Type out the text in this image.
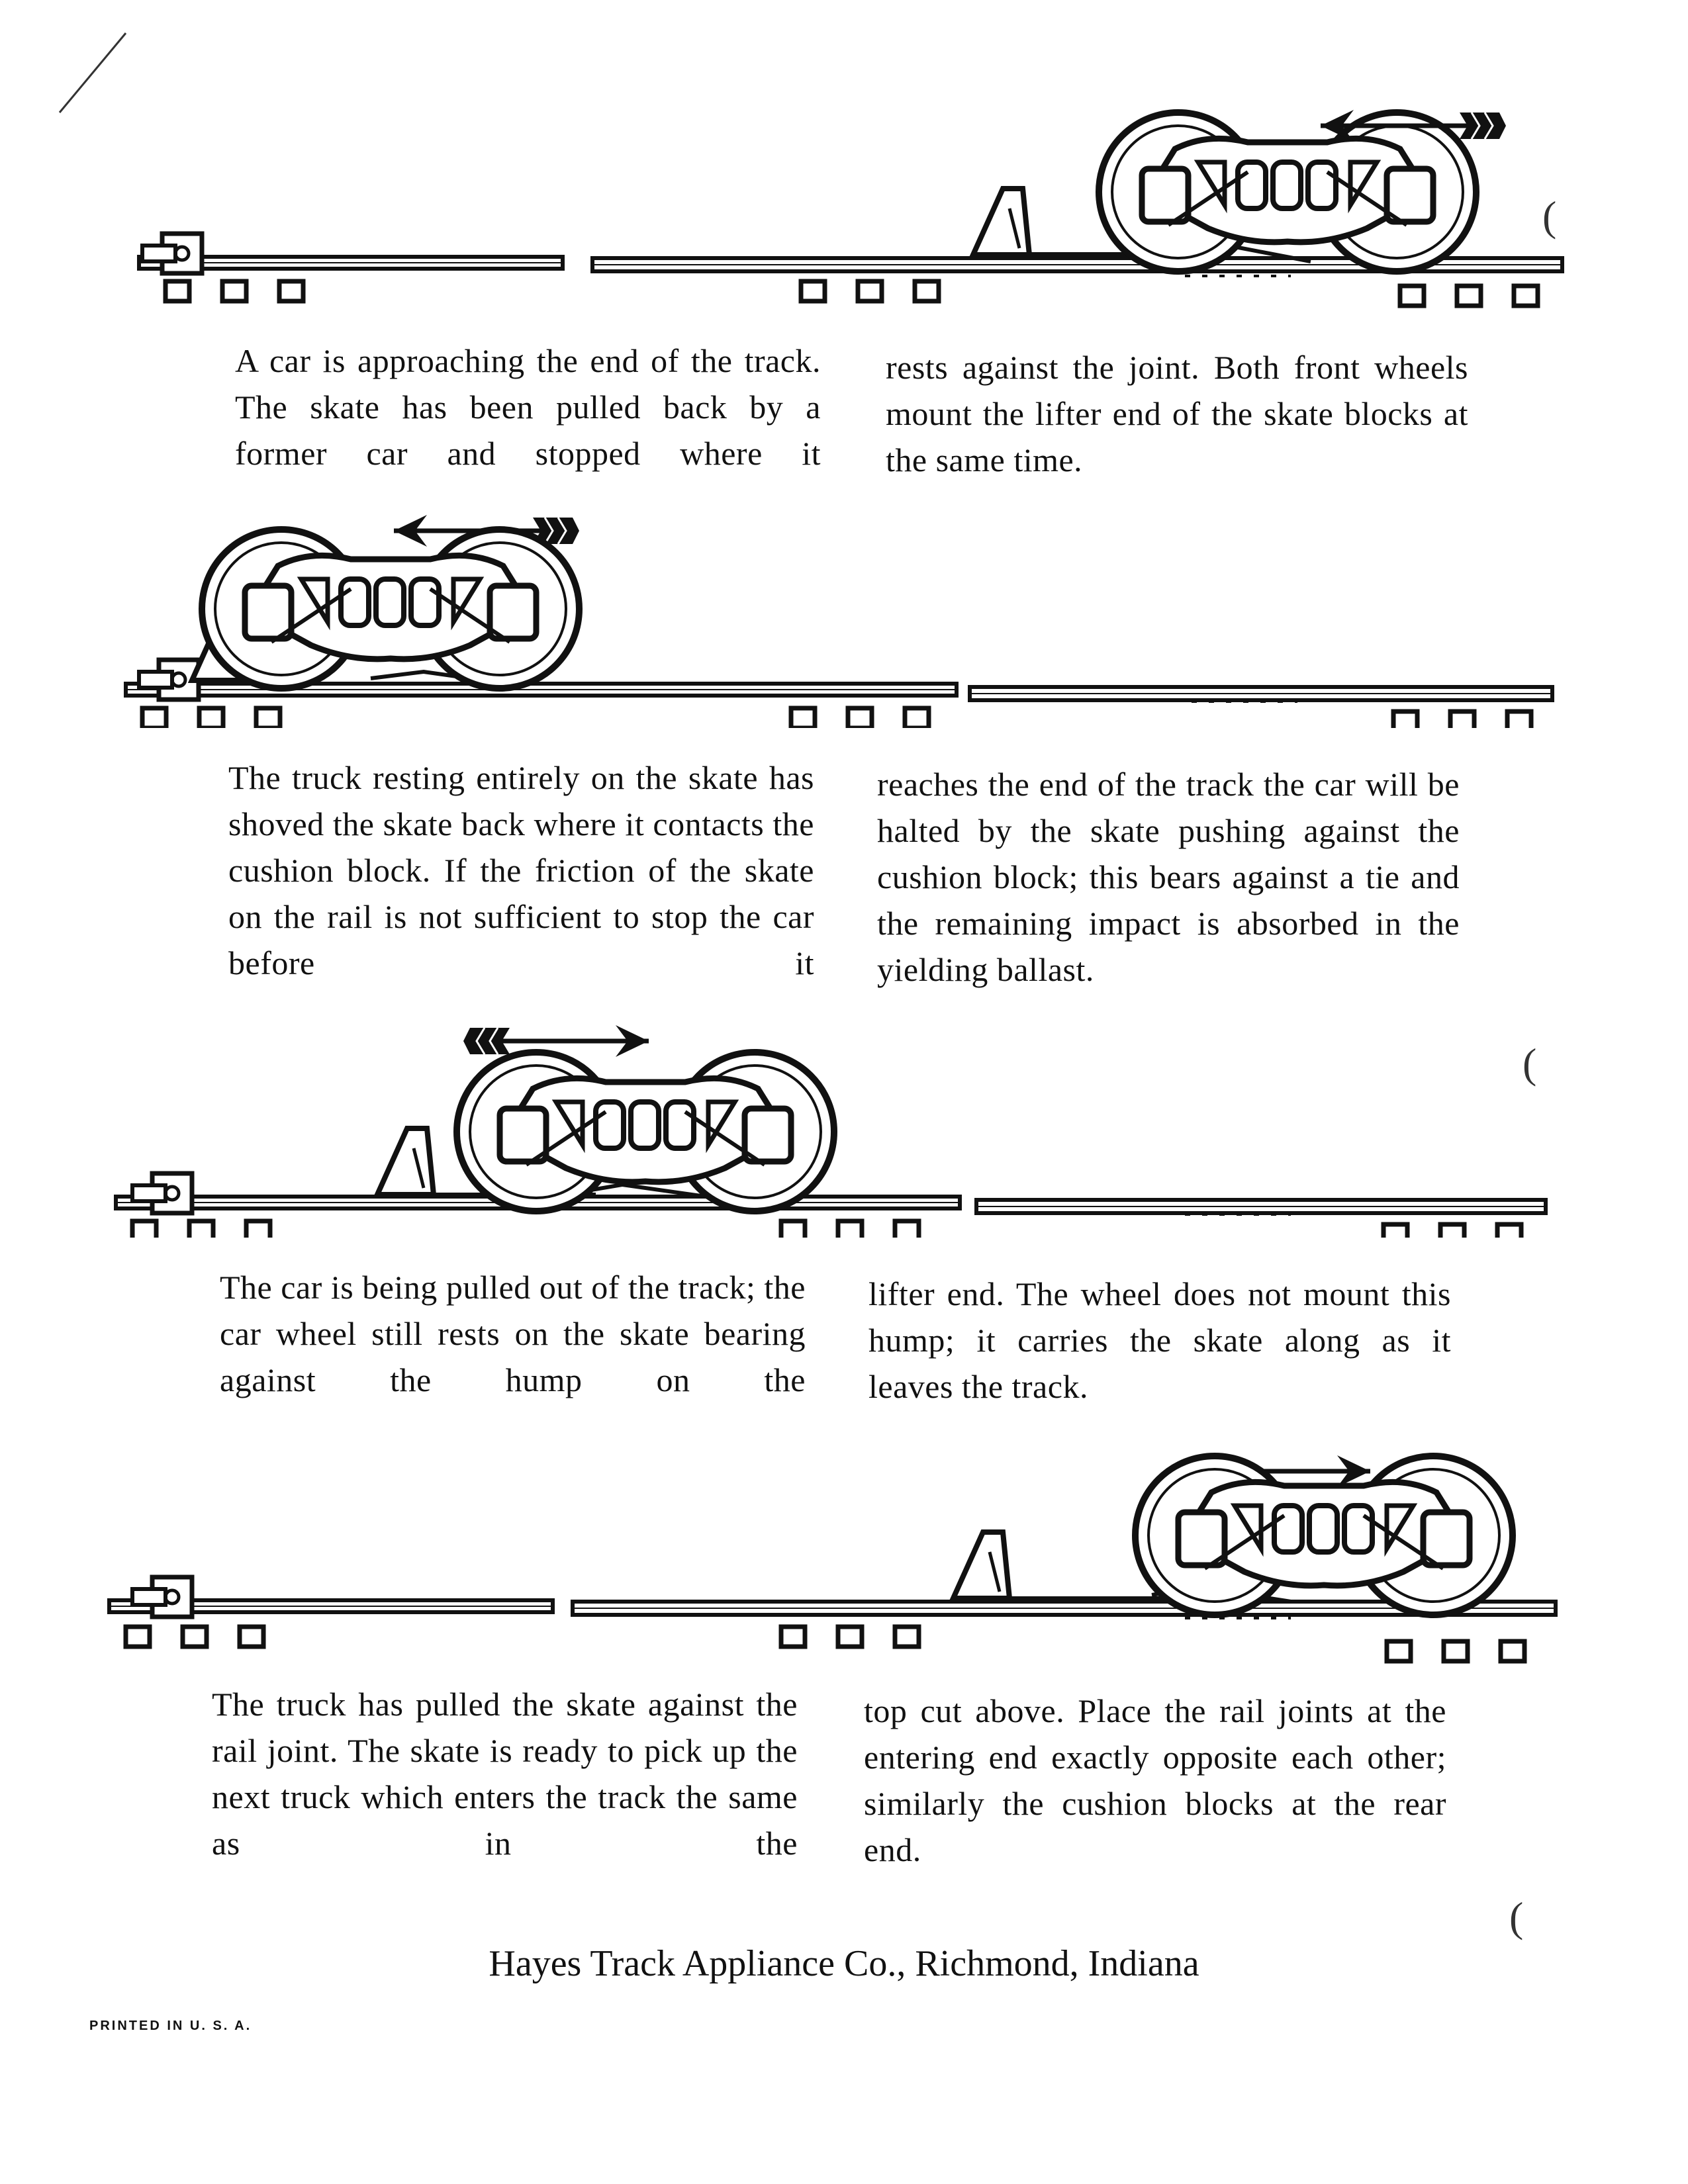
A car is approaching the end of the track. The skate has been pulled back by a former car and stopped where it
rests against the joint. Both front wheels mount the lifter end of the skate blocks at the same time.
The truck resting entirely on the skate has shoved the skate back where it contacts the cushion block. If the friction of the skate on the rail is not sufficient to stop the car before it
reaches the end of the track the car will be halted by the skate pushing against the cushion block; this bears against a tie and the remaining impact is absorbed in the yielding ballast.
The car is being pulled out of the track; the car wheel still rests on the skate bearing against the hump on the
lifter end. The wheel does not mount this hump; it carries the skate along as it leaves the track.
The truck has pulled the skate against the rail joint. The skate is ready to pick up the next truck which enters the track the same as in the
top cut above. Place the rail joints at the entering end exactly opposite each other; similarly the cushion blocks at the rear end.
Hayes Track Appliance Co., Richmond, Indiana
PRINTED IN U. S. A.
(
(
(
